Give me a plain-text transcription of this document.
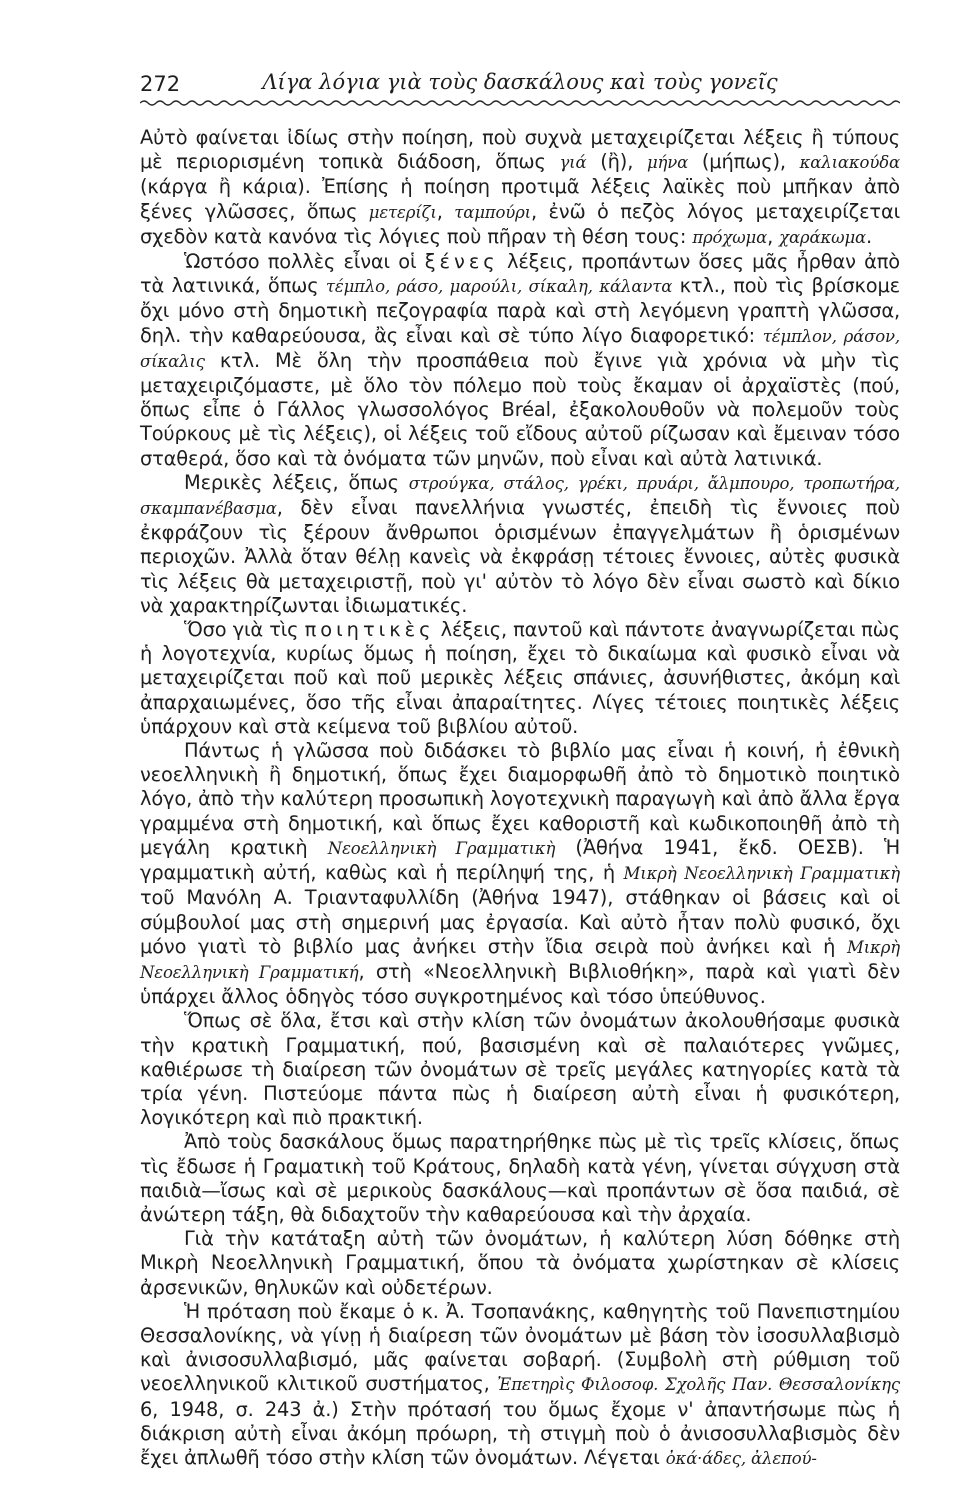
272	Λίγα λόγια γιὰ τοὺς δασκάλους καὶ τοὺς γονεῖς

Αὐτὸ φαίνεται ἰδίως στὴν ποίηση, ποὺ συχνὰ μεταχειρίζεται λέξεις ἢ τύπους μὲ περιορισμένη τοπικὰ διάδοση, ὅπως γιά (ἢ), μήνα (μήπως), καλιακούδα (κάργα ἢ κάρια). Ἐπίσης ἡ ποίηση προτιμᾶ λέξεις λαϊκὲς ποὺ μπῆκαν ἀπὸ ξένες γλῶσσες, ὅπως μετερίζι, ταμπούρι, ἐνῶ ὁ πεζὸς λόγος μεταχειρίζεται σχεδὸν κατὰ κανόνα τὶς λόγιες ποὺ πῆραν τὴ θέση τους: πρόχωμα, χαράκωμα.

Ὡστόσο πολλὲς εἶναι οἱ ξένες λέξεις, προπάντων ὅσες μᾶς ἦρθαν ἀπὸ τὰ λατινικά, ὅπως τέμπλο, ράσο, μαρούλι, σίκαλη, κάλαντα κτλ., ποὺ τὶς βρίσκομε ὄχι μόνο στὴ δημοτικὴ πεζογραφία παρὰ καὶ στὴ λεγόμενη γραπτὴ γλῶσσα, δηλ. τὴν καθαρεύουσα, ἂς εἶναι καὶ σὲ τύπο λίγο διαφορετικό: τέμπλον, ράσον, σίκαλις κτλ. Μὲ ὅλη τὴν προσπάθεια ποὺ ἔγινε γιὰ χρόνια νὰ μὴν τὶς μεταχειριζόμαστε, μὲ ὅλο τὸν πόλεμο ποὺ τοὺς ἔκαμαν οἱ ἀρχαϊστὲς (πού, ὅπως εἶπε ὁ Γάλλος γλωσσολόγος Bréal, ἐξακολουθοῦν νὰ πολεμοῦν τοὺς Τούρκους μὲ τὶς λέξεις), οἱ λέξεις τοῦ εἴδους αὐτοῦ ρίζωσαν καὶ ἔμειναν τόσο σταθερά, ὅσο καὶ τὰ ὀνόματα τῶν μηνῶν, ποὺ εἶναι καὶ αὐτὰ λατινικά.

Μερικὲς λέξεις, ὅπως στρούγκα, στάλος, γρέκι, πρυάρι, ἄλμπουρο, τροπωτήρα, σκαμπανέβασμα, δὲν εἶναι πανελλήνια γνωστές, ἐπειδὴ τὶς ἔννοιες ποὺ ἐκφράζουν τὶς ξέρουν ἄνθρωποι ὁρισμένων ἐπαγγελμάτων ἢ ὁρισμένων περιοχῶν. Ἀλλὰ ὅταν θέλῃ κανεὶς νὰ ἐκφράσῃ τέτοιες ἔννοιες, αὐτὲς φυσικὰ τὶς λέξεις θὰ μεταχειριστῇ, ποὺ γι' αὐτὸν τὸ λόγο δὲν εἶναι σωστὸ καὶ δίκιο νὰ χαρακτηρίζωνται ἰδιωματικές.

Ὅσο γιὰ τὶς ποιητικὲς λέξεις, παντοῦ καὶ πάντοτε ἀναγνωρίζεται πὼς ἡ λογοτεχνία, κυρίως ὅμως ἡ ποίηση, ἔχει τὸ δικαίωμα καὶ φυσικὸ εἶναι νὰ μεταχειρίζεται ποῦ καὶ ποῦ μερικὲς λέξεις σπάνιες, ἀσυνήθιστες, ἀκόμη καὶ ἀπαρχαιωμένες, ὅσο τῆς εἶναι ἀπαραίτητες. Λίγες τέτοιες ποιητικὲς λέξεις ὑπάρχουν καὶ στὰ κείμενα τοῦ βιβλίου αὐτοῦ.

Πάντως ἡ γλῶσσα ποὺ διδάσκει τὸ βιβλίο μας εἶναι ἡ κοινή, ἡ ἐθνικὴ νεοελληνικὴ ἢ δημοτική, ὅπως ἔχει διαμορφωθῆ ἀπὸ τὸ δημοτικὸ ποιητικὸ λόγο, ἀπὸ τὴν καλύτερη προσωπικὴ λογοτεχνικὴ παραγωγὴ καὶ ἀπὸ ἄλλα ἔργα γραμμένα στὴ δημοτική, καὶ ὅπως ἔχει καθοριστῆ καὶ κωδικοποιηθῆ ἀπὸ τὴ μεγάλη κρατικὴ Νεοελληνικὴ Γραμματικὴ (Ἀθήνα 1941, ἔκδ. ΟΕΣΒ). Ἡ γραμματικὴ αὐτή, καθὼς καὶ ἡ περίληψή της, ἡ Μικρὴ Νεοελληνικὴ Γραμματικὴ τοῦ Μανόλη Α. Τριανταφυλλίδη (Ἀθήνα 1947), στάθηκαν οἱ βάσεις καὶ οἱ σύμβουλοί μας στὴ σημερινή μας ἐργασία. Καὶ αὐτὸ ἦταν πολὺ φυσικό, ὄχι μόνο γιατὶ τὸ βιβλίο μας ἀνήκει στὴν ἴδια σειρὰ ποὺ ἀνήκει καὶ ἡ Μικρὴ Νεοελληνικὴ Γραμματική, στὴ «Νεοελληνικὴ Βιβλιοθήκη», παρὰ καὶ γιατὶ δὲν ὑπάρχει ἄλλος ὁδηγὸς τόσο συγκροτημένος καὶ τόσο ὑπεύθυνος.

Ὅπως σὲ ὅλα, ἔτσι καὶ στὴν κλίση τῶν ὀνομάτων ἀκολουθήσαμε φυσικὰ τὴν κρατικὴ Γραμματική, πού, βασισμένη καὶ σὲ παλαιότερες γνῶμες, καθιέρωσε τὴ διαίρεση τῶν ὀνομάτων σὲ τρεῖς μεγάλες κατηγορίες κατὰ τὰ τρία γένη. Πιστεύομε πάντα πὼς ἡ διαίρεση αὐτὴ εἶναι ἡ φυσικότερη, λογικότερη καὶ πιὸ πρακτική.

Ἀπὸ τοὺς δασκάλους ὅμως παρατηρήθηκε πὼς μὲ τὶς τρεῖς κλίσεις, ὅπως τὶς ἔδωσε ἡ Γραματικὴ τοῦ Κράτους, δηλαδὴ κατὰ γένη, γίνεται σύγχυση στὰ παιδιὰ—ἴσως καὶ σὲ μερικοὺς δασκάλους—καὶ προπάντων σὲ ὅσα παιδιά, σὲ ἀνώτερη τάξη, θὰ διδαχτοῦν τὴν καθαρεύουσα καὶ τὴν ἀρχαία.

Γιὰ τὴν κατάταξη αὐτὴ τῶν ὀνομάτων, ἡ καλύτερη λύση δόθηκε στὴ Μικρὴ Νεοελληνικὴ Γραμματική, ὅπου τὰ ὀνόματα χωρίστηκαν σὲ κλίσεις ἀρσενικῶν, θηλυκῶν καὶ οὐδετέρων.

Ἡ πρόταση ποὺ ἔκαμε ὁ κ. Ἀ. Τσοπανάκης, καθηγητὴς τοῦ Πανεπιστημίου Θεσσαλονίκης, νὰ γίνῃ ἡ διαίρεση τῶν ὀνομάτων μὲ βάση τὸν ἰσοσυλλαβισμὸ καὶ ἀνισοσυλλαβισμό, μᾶς φαίνεται σοβαρή. (Συμβολὴ στὴ ρύθμιση τοῦ νεοελληνικοῦ κλιτικοῦ συστήματος, Ἐπετηρὶς Φιλοσοφ. Σχολῆς Παν. Θεσσαλονίκης 6, 1948, σ. 243 ἀ.) Στὴν πρότασή του ὅμως ἔχομε ν' ἀπαντήσωμε πὼς ἡ διάκριση αὐτὴ εἶναι ἀκόμη πρόωρη, τὴ στιγμὴ ποὺ ὁ ἀνισοσυλλαβισμὸς δὲν ἔχει ἀπλωθῆ τόσο στὴν κλίση τῶν ὀνομάτων. Λέγεται ὀκά·άδες, ἀλεπού-
